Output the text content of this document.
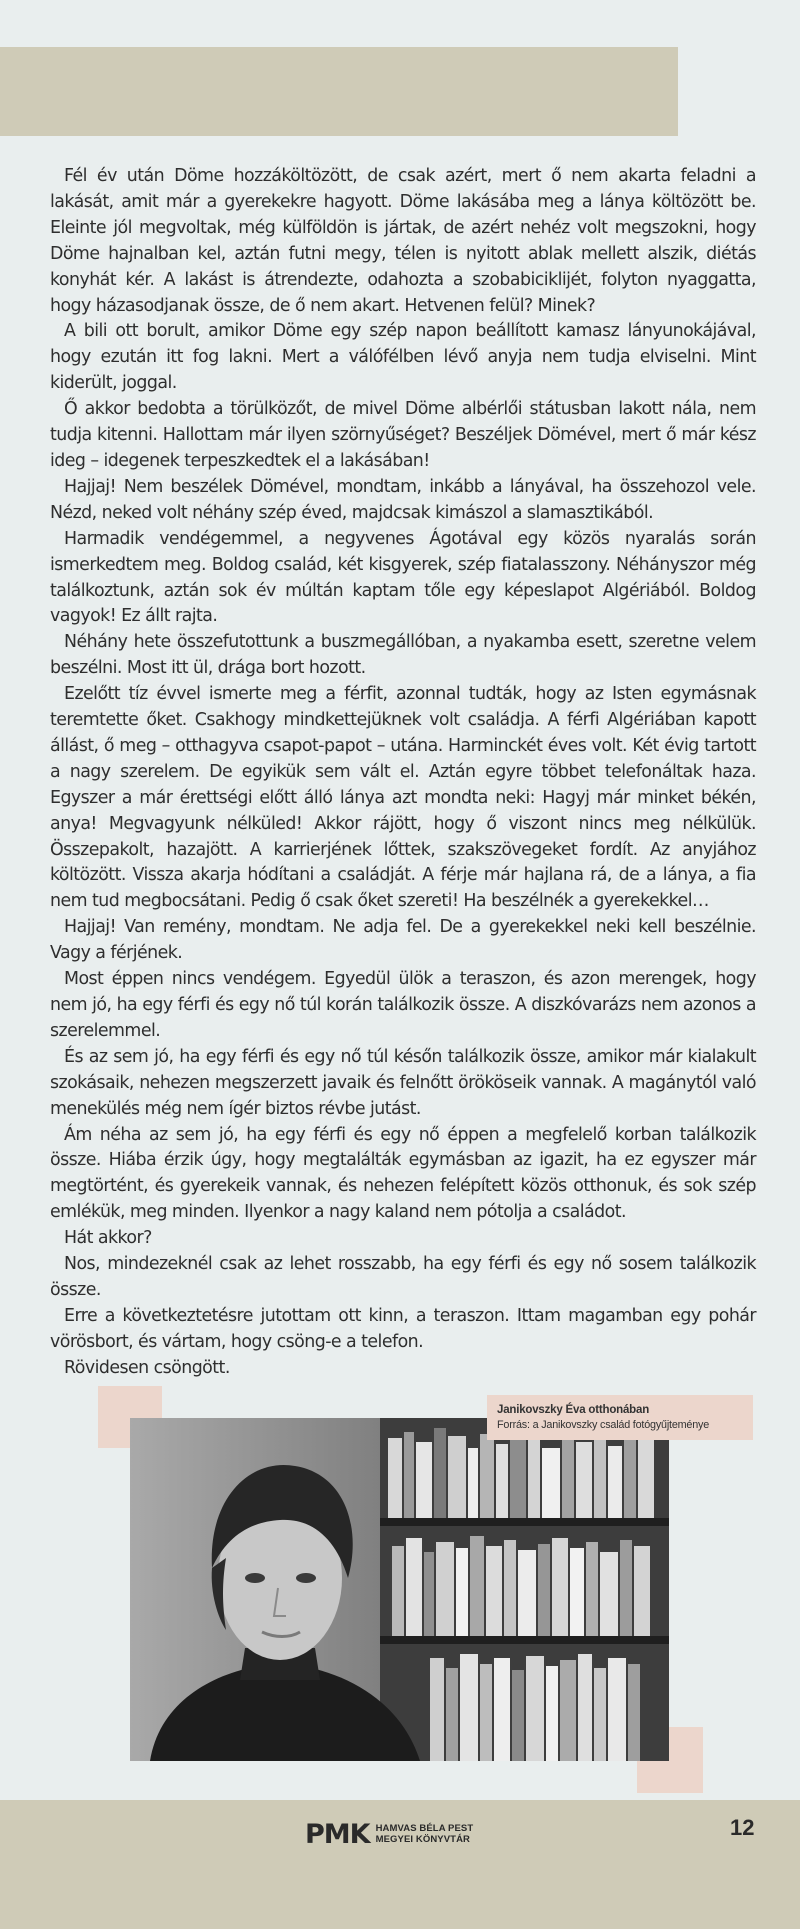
Fél év után Döme hozzáköltözött, de csak azért, mert ő nem akarta feladni a lakását, amit már a gyerekekre hagyott. Döme lakásába meg a lánya költözött be. Eleinte jól megvoltak, még külföldön is jártak, de azért nehéz volt megszokni, hogy Döme hajnalban kel, aztán futni megy, télen is nyitott ablak mellett alszik, diétás konyhát kér. A lakást is átrendezte, odahozta a szobabiciklijét, folyton nyaggatta, hogy házasodjanak össze, de ő nem akart. Hetvenen felül? Minek?

A bili ott borult, amikor Döme egy szép napon beállított kamasz lányunokájával, hogy ezután itt fog lakni. Mert a válófélben lévő anyja nem tudja elviselni. Mint kiderült, joggal.

Ő akkor bedobta a törülközőt, de mivel Döme albérlői státusban lakott nála, nem tudja kitenni. Hallottam már ilyen szörnyűséget? Beszéljek Dömével, mert ő már kész ideg – idegenek terpeszkedtek el a lakásában!

Hajjaj! Nem beszélek Dömével, mondtam, inkább a lányával, ha összehozol vele. Nézd, neked volt néhány szép éved, majdcsak kimászol a slamasztikából.

Harmadik vendégemmel, a negyvenes Ágotával egy közös nyaralás során ismerkedtem meg. Boldog család, két kisgyerek, szép fiatalasszony. Néhányszor még találkoztunk, aztán sok év múltán kaptam tőle egy képeslapot Algériából. Boldog vagyok! Ez állt rajta.

Néhány hete összefutottunk a buszmegállóban, a nyakamba esett, szeretne velem beszélni. Most itt ül, drága bort hozott.

Ezelőtt tíz évvel ismerte meg a férfit, azonnal tudták, hogy az Isten egymásnak teremtette őket. Csakhogy mindkettejüknek volt családja. A férfi Algériában kapott állást, ő meg – otthagyva csapot-papot – utána. Harminckét éves volt. Két évig tartott a nagy szerelem. De egyikük sem vált el. Aztán egyre többet telefonáltak haza. Egyszer a már érettségi előtt álló lánya azt mondta neki: Hagyj már minket békén, anya! Megvagyunk nélküled! Akkor rájött, hogy ő viszont nincs meg nélkülük. Összepakolt, hazajött. A karrierjének lőttek, szakszövegeket fordít. Az anyjához költözött. Vissza akarja hódítani a családját. A férje már hajlana rá, de a lánya, a fia nem tud megbocsátani. Pedig ő csak őket szereti! Ha beszélnék a gyerekekkel…

Hajjaj! Van remény, mondtam. Ne adja fel. De a gyerekekkel neki kell beszélnie. Vagy a férjének.

Most éppen nincs vendégem. Egyedül ülök a teraszon, és azon merengek, hogy nem jó, ha egy férfi és egy nő túl korán találkozik össze. A diszkóvarázs nem azonos a szerelemmel.

És az sem jó, ha egy férfi és egy nő túl későn találkozik össze, amikor már kialakult szokásaik, nehezen megszerzett javaik és felnőtt örököseik vannak. A magánytól való menekülés még nem ígér biztos révbe jutást.

Ám néha az sem jó, ha egy férfi és egy nő éppen a megfelelő korban találkozik össze. Hiába érzik úgy, hogy megtalálták egymásban az igazit, ha ez egyszer már megtörtént, és gyerekeik vannak, és nehezen felépített közös otthonuk, és sok szép emlékük, meg minden. Ilyenkor a nagy kaland nem pótolja a családot.

Hát akkor?

Nos, mindezeknél csak az lehet rosszabb, ha egy férfi és egy nő sosem találkozik össze.

Erre a következtetésre jutottam ott kinn, a teraszon. Ittam magamban egy pohár vörösbort, és vártam, hogy csöng-e a telefon.

Rövidesen csöngött.

Janikovszky Éva otthonában
Forrás: a Janikovszky család fotógyűjteménye
PMK HAMVAS BÉLA PEST
MEGYEI KÖNYVTÁR	12
